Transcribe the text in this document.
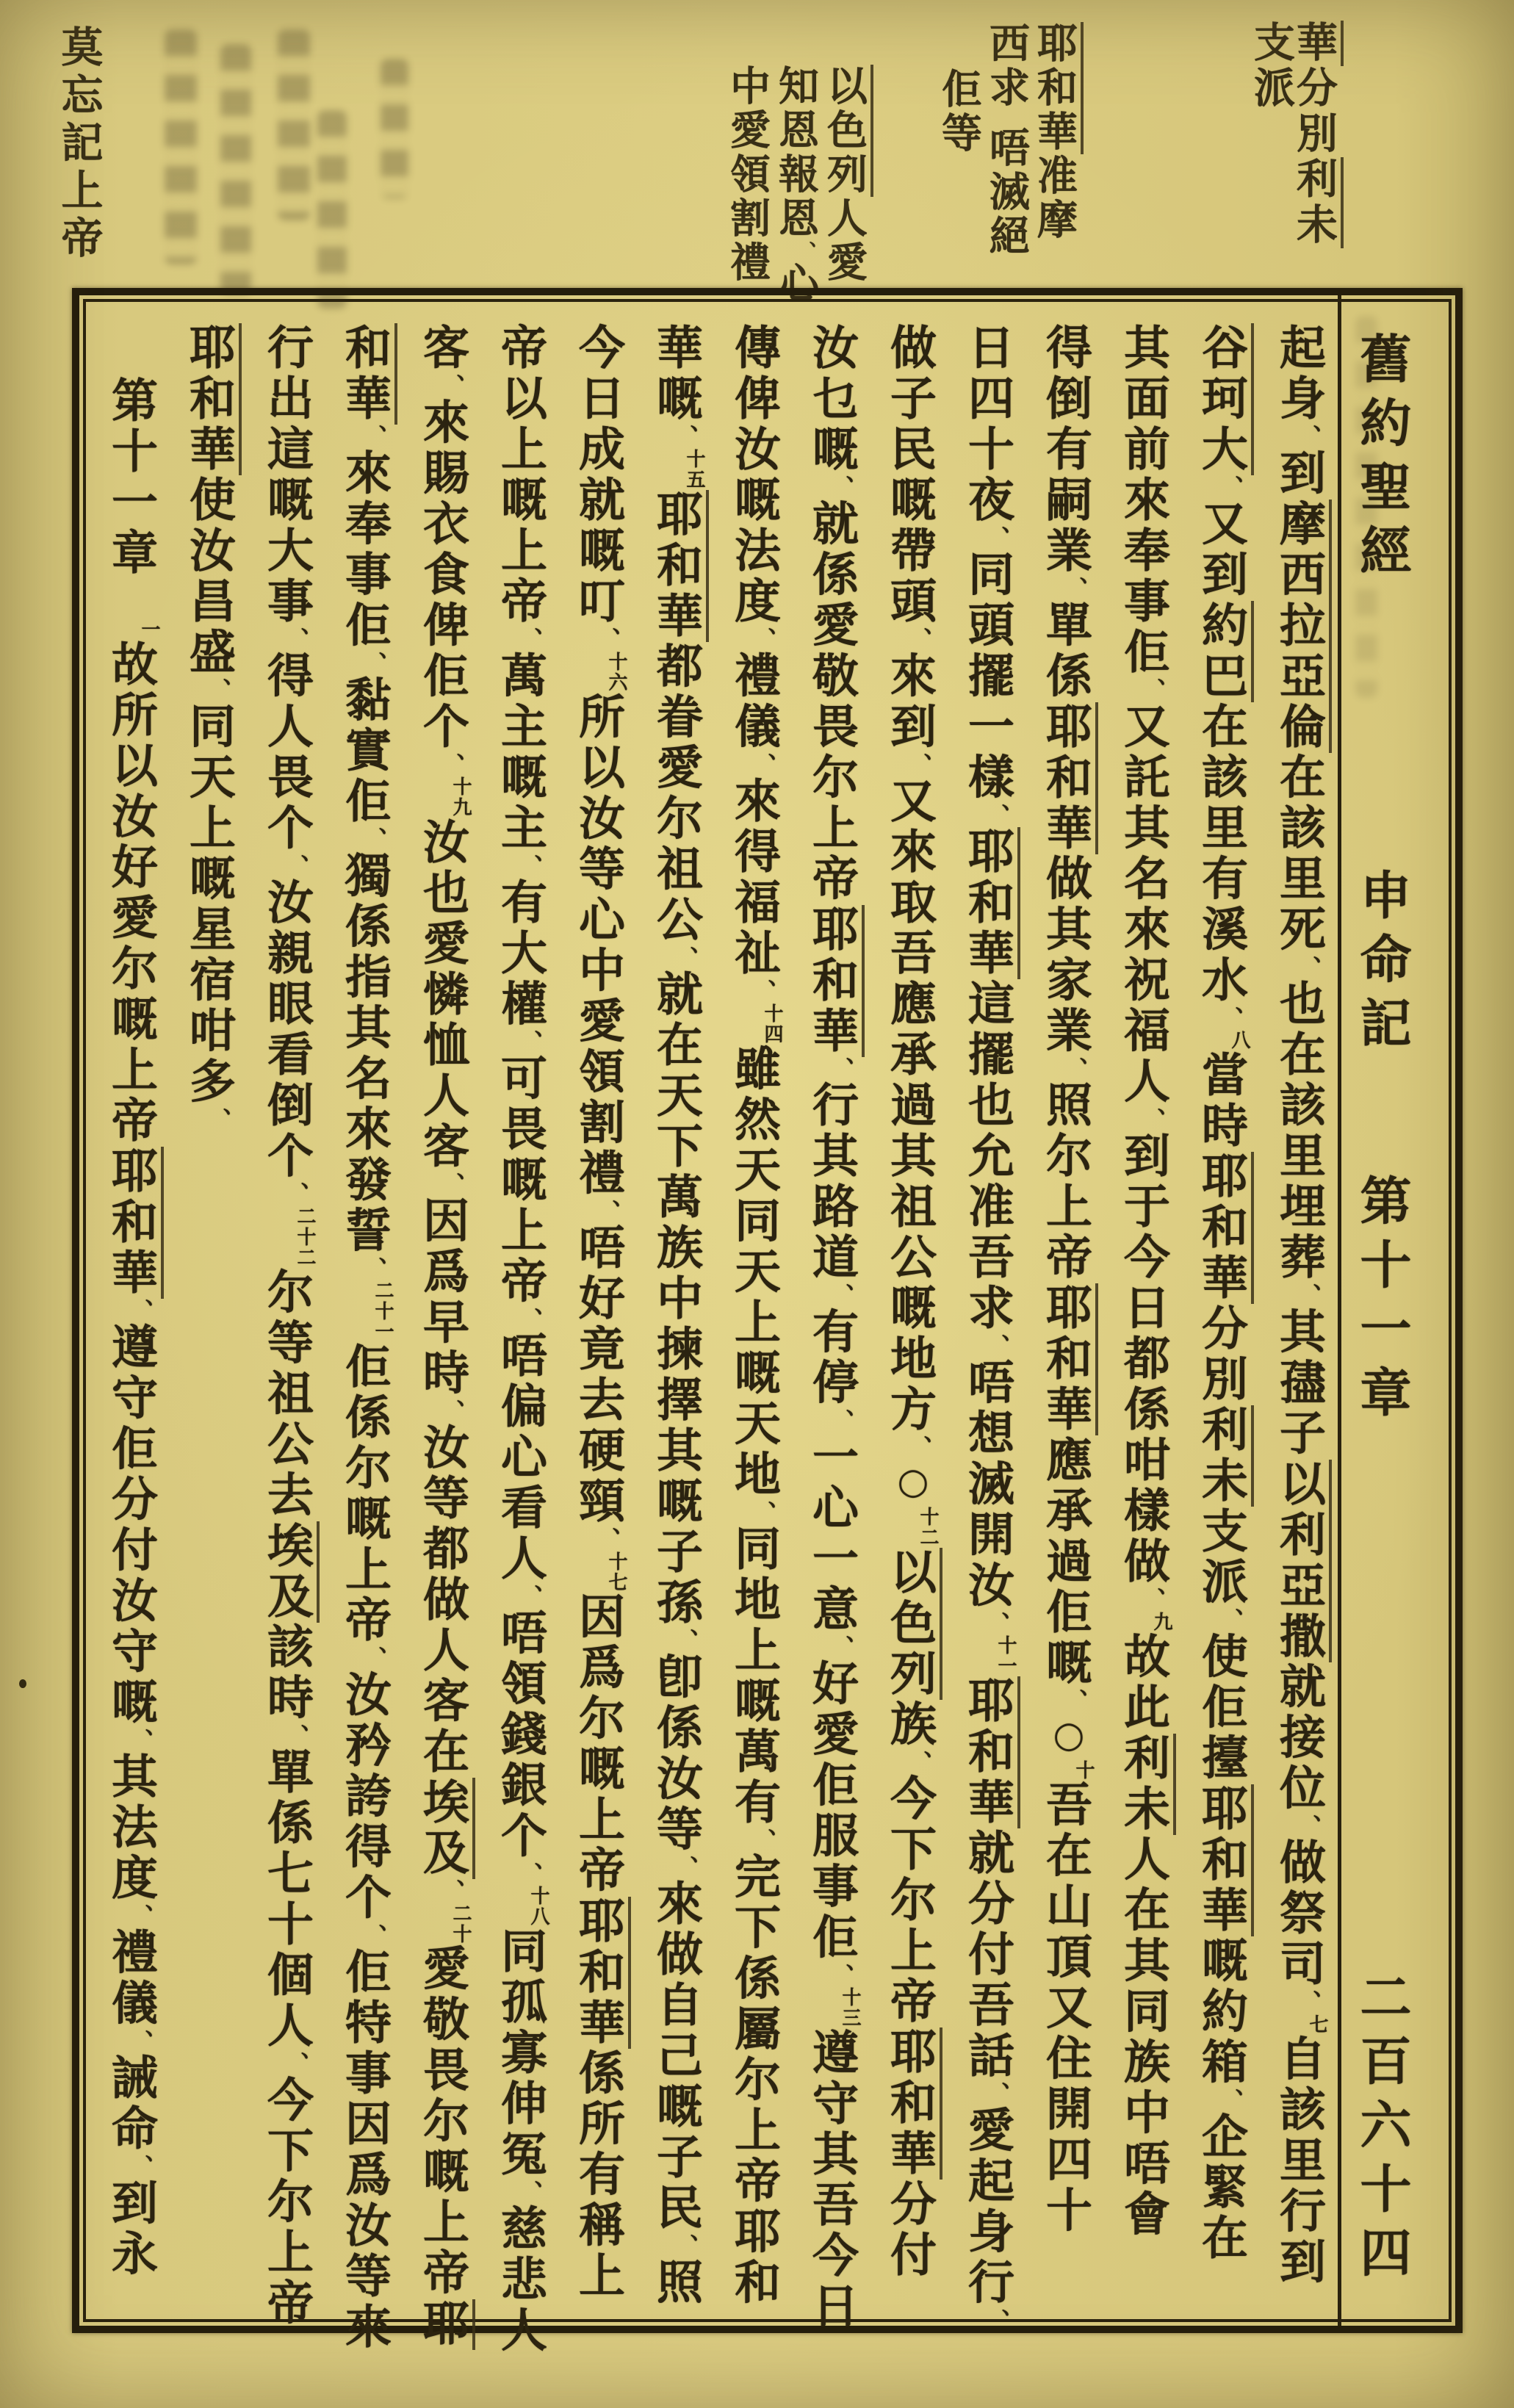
華分別利未
支派
耶和華准摩
西求唔滅絕
佢等
以色列人愛
知恩報恩、心
中愛領割禮
莫忘記上帝
舊約聖經
申命記
第十一章
二百六十四
起身、到摩西拉亞倫在該里死、也在該里埋葬、其孻子以利亞撒就接位、做祭司、七自該里行到
谷珂大、又到約巴在該里有溪水、八當時耶和華分別利未支派、使佢擡耶和華嘅約箱、企緊在
其面前來奉事佢、又託其名來祝福人、到于今日都係咁樣做、九故此利未人在其同族中唔會
得倒有嗣業、單係耶和華做其家業、照尔上帝耶和華應承過佢嘅、○十吾在山頂又住開四十
日四十夜、同頭擺一樣、耶和華這擺也允准吾求、唔想滅開汝、十一耶和華就分付吾話、愛起身行、
做子民嘅帶頭、來到、又來取吾應承過其祖公嘅地方、○十二以色列族、今下尔上帝耶和華分付
汝乜嘅、就係愛敬畏尔上帝耶和華、行其路道、有停、一心一意、好愛佢服事佢、十三遵守其吾今日
傳俾汝嘅法度、禮儀、來得福祉、十四雖然天同天上嘅天地、同地上嘅萬有、完下係屬尔上帝耶和
華嘅、十五耶和華都眷愛尔祖公、就在天下萬族中揀擇其嘅子孫、卽係汝等、來做自己嘅子民、照
今日成就嘅叮、十六所以汝等心中愛領割禮、唔好竟去硬頸、十七因爲尔嘅上帝耶和華係所有稱上
帝以上嘅上帝、萬主嘅主、有大權、可畏嘅上帝、唔偏心看人、唔領錢銀个、十八同孤寡伸冤、慈悲人
客、來賜衣食俾佢个、十九汝也愛憐恤人客、因爲早時、汝等都做人客在埃及、二十愛敬畏尔嘅上帝耶
和華、來奉事佢、黏實佢、獨係指其名來發誓、二十一佢係尔嘅上帝、汝矜誇得个、佢特事因爲汝等來
行出這嘅大事、得人畏个、汝親眼看倒个、二十二尔等祖公去埃及該時、單係七十個人、今下尔上帝
耶和華使汝昌盛、同天上嘅星宿咁多、
第十一章一故所以汝好愛尔嘅上帝耶和華、遵守佢分付汝守嘅、其法度、禮儀、誡命、到永
